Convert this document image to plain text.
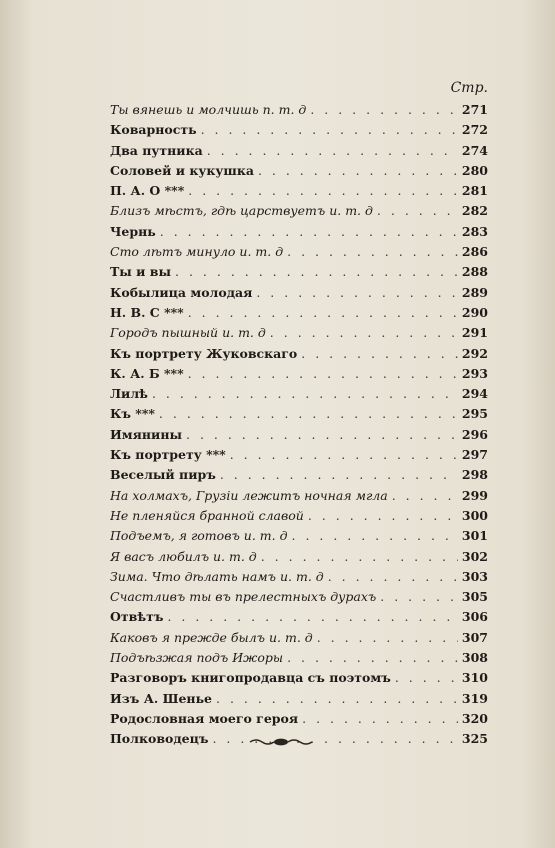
Стр.
Ты вянешь и молчишь п. т. д . . .	271
Коварность . . .	272
Два путника . . .	274
Соловей и кукушка . . .	280
П. А. О *** . . .	281
Близъ мѣстъ, гдѣ царствуетъ и. т. д . . .	282
Чернь . . .	283
Сто лѣтъ минуло и. т. д . . .	286
Ты и вы . . .	288
Кобылица молодая . . .	289
Н. В. С *** . . .	290
Городъ пышный и. т. д . . .	291
Къ портрету Жуковскаго . . .	292
К. А. Б *** . . .	293
Лилѣ . . .	294
Къ *** . . .	295
Имянины . . .	296
Къ портрету *** . . .	297
Веселый пиръ . . .	298
На холмахъ, Грузіи лежитъ ночная мгла . . .	299
Не пленяйся бранной славой . . .	300
Подъемъ, я готовъ и. т. д . . .	301
Я васъ любилъ и. т. д . . .	302
Зима. Что дѣлать намъ и. т. д . . .	303
Счастливъ ты въ прелестныхъ дурахъ . . .	305
Отвѣтъ . . .	306
Каковъ я прежде былъ и. т. д . . .	307
Подъѣзжая подъ Ижоры . . .	308
Разговоръ книгопродавца съ поэтомъ . . .	310
Изъ А. Шенье . . .	319
Родословная моего героя . . .	320
Полководецъ . . .	325
